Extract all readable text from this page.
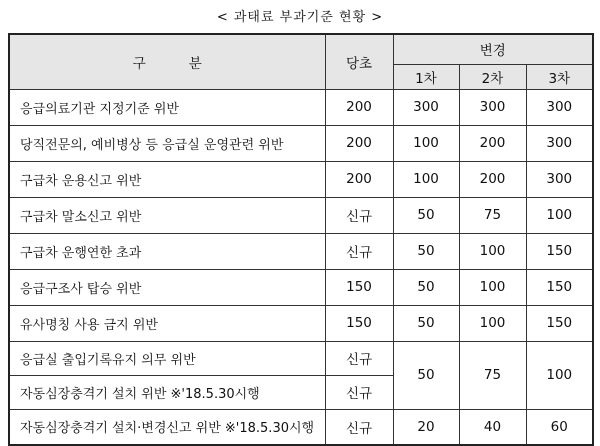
< 과태료 부과기준 현황 >
구          분	당초	변경		
		1차	2차	3차
응급의료기관 지정기준 위반	200	300	300	300
당직전문의, 예비병상 등 응급실 운영관련 위반	200	100	200	300
구급차 운용신고 위반	200	100	200	300
구급차 말소신고 위반	신규	50	75	100
구급차 운행연한 초과	신규	50	100	150
응급구조사 탑승 위반	150	50	100	150
유사명칭 사용 금지 위반	150	50	100	150
응급실 출입기록유지 의무 위반	신규	50	75	100
자동심장충격기 설치 위반 ※'18.5.30시행	신규			
자동심장충격기 설치·변경신고 위반 ※'18.5.30시행	신규	20	40	60
